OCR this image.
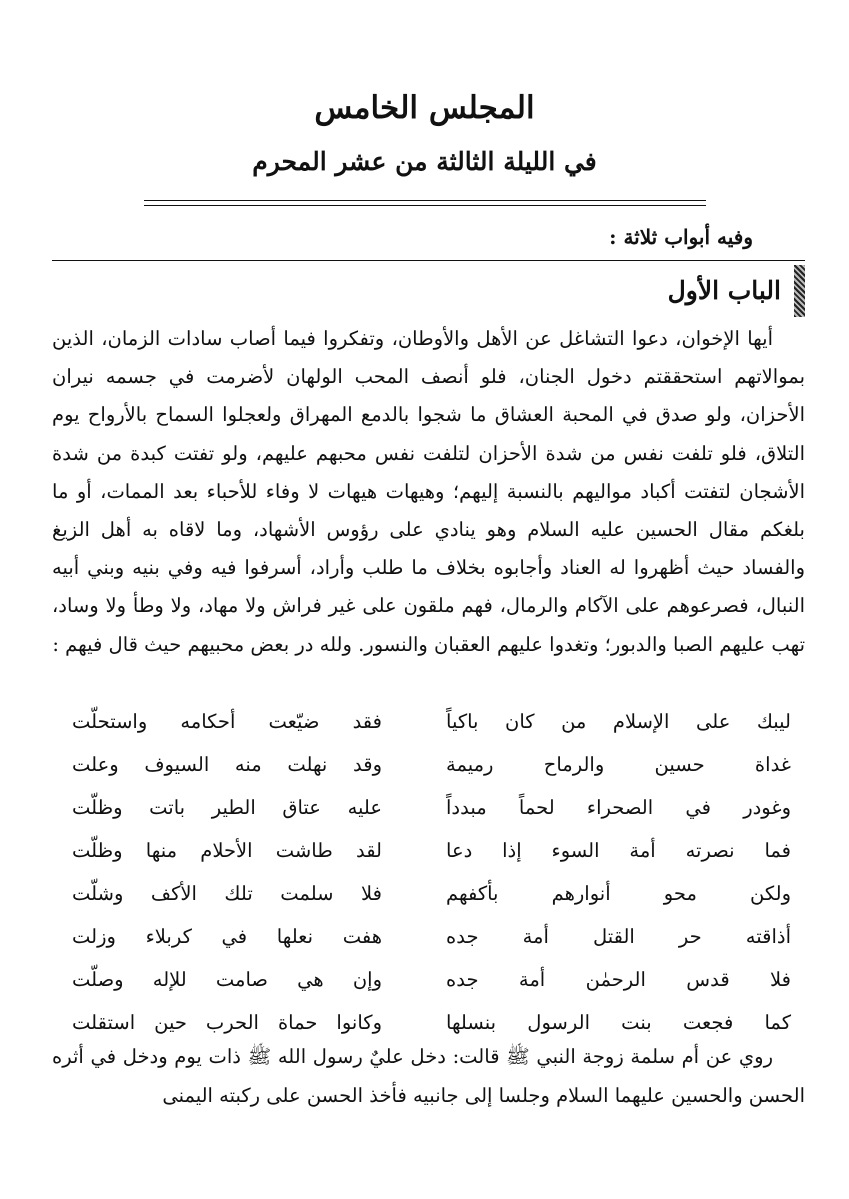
المجلس الخامس
في الليلة الثالثة من عشر المحرم
وفيه أبواب ثلاثة :
الباب الأول

أيها الإخوان، دعوا التشاغل عن الأهل والأوطان، وتفكروا فيما أصاب سادات الزمان، الذين بموالاتهم استحققتم دخول الجنان، فلو أنصف المحب الولهان لأضرمت في جسمه نيران الأحزان، ولو صدق في المحبة العشاق ما شجوا بالدمع المهراق ولعجلوا السماح بالأرواح يوم التلاق، فلو تلفت نفس من شدة الأحزان لتلفت نفس محبهم عليهم، ولو تفتت كبدة من شدة الأشجان لتفتت أكباد مواليهم بالنسبة إليهم؛ وهيهات هيهات لا وفاء للأحباء بعد الممات، أو ما بلغكم مقال الحسين عليه السلام وهو ينادي على رؤوس الأشهاد، وما لاقاه به أهل الزيغ والفساد حيث أظهروا له العناد وأجابوه بخلاف ما طلب وأراد، أسرفوا فيه وفي بنيه وبني أبيه النبال، فصرعوهم على الآكام والرمال، فهم ملقون على غير فراش ولا مهاد، ولا وطأ ولا وساد، تهب عليهم الصبا والدبور؛ وتغدوا عليهم العقبان والنسور. ولله در بعض محبيهم حيث قال فيهم :

ليبك على الإسلام من كان باكياً
فقد ضيّعت أحكامه واستحلّت
غداة حسين والرماح رميمة
وقد نهلت منه السيوف وعلت
وغودر في الصحراء لحماً مبدداً
عليه عتاق الطير باتت وظلّت
فما نصرته أمة السوء إذا دعا
لقد طاشت الأحلام منها وظلّت
ولكن محو أنوارهم بأكفهم
فلا سلمت تلك الأكف وشلّت
أذاقته حر القتل أمة جده
هفت نعلها في كربلاء وزلت
فلا قدس الرحمٰن أمة جده
وإن هي صامت للإله وصلّت
كما فجعت بنت الرسول بنسلها
وكانوا حماة الحرب حين استقلت

روي عن أم سلمة زوجة النبي ﷺ قالت: دخل عليٌ رسول الله ﷺ ذات يوم ودخل في أثره الحسن والحسين عليهما السلام وجلسا إلى جانبيه فأخذ الحسن على ركبته اليمنى
